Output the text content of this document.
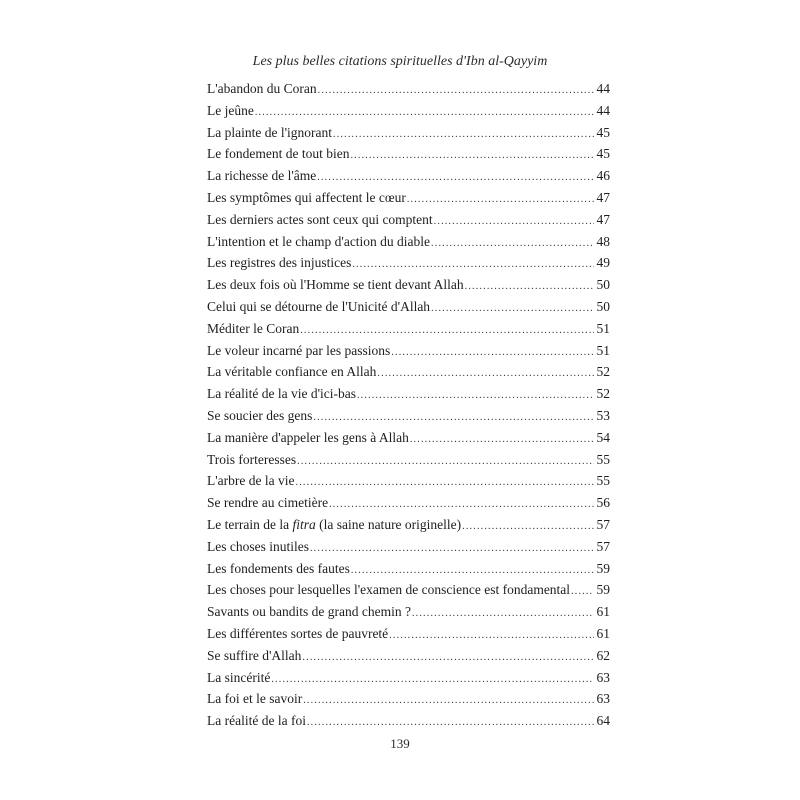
Les plus belles citations spirituelles d'Ibn al-Qayyim
L'abandon du Coran .....	44
Le jeûne .....	44
La plainte de l'ignorant .....	45
Le fondement de tout bien .....	45
La richesse de l'âme .....	46
Les symptômes qui affectent le cœur .....	47
Les derniers actes sont ceux qui comptent .....	47
L'intention et le champ d'action du diable .....	48
Les registres des injustices .....	49
Les deux fois où l'Homme se tient devant Allah .....	50
Celui qui se détourne de l'Unicité d'Allah .....	50
Méditer le Coran .....	51
Le voleur incarné par les passions .....	51
La véritable confiance en Allah .....	52
La réalité de la vie d'ici-bas .....	52
Se soucier des gens .....	53
La manière d'appeler les gens à Allah .....	54
Trois forteresses .....	55
L'arbre de la vie .....	55
Se rendre au cimetière .....	56
Le terrain de la fitra (la saine nature originelle) .....	57
Les choses inutiles .....	57
Les fondements des fautes .....	59
Les choses pour lesquelles l'examen de conscience est fondamental ..... 59
Savants ou bandits de grand chemin ? .....	61
Les différentes sortes de pauvreté .....	61
Se suffire d'Allah .....	62
La sincérité .....	63
La foi et le savoir .....	63
La réalité de la foi .....	64
139
